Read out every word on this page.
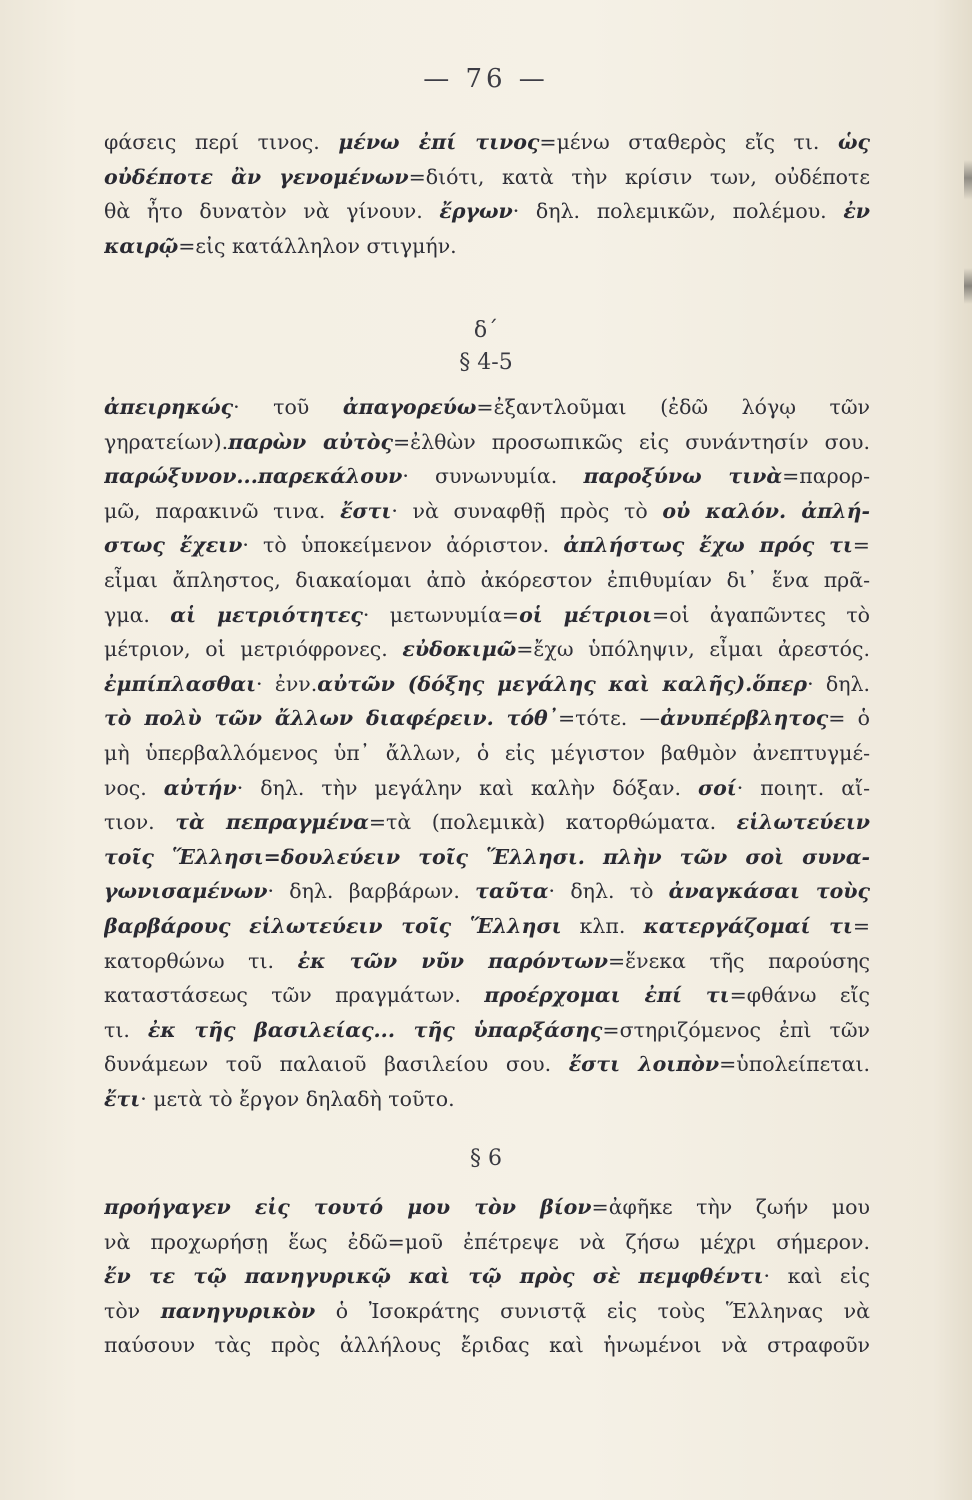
— 76 —
φάσεις περί τινος. μένω ἐπί τινος=μένω σταθερὸς εἴς τι. ὡς
οὐδέποτε ἂν γενομένων=διότι, κατὰ τὴν κρίσιν των, οὐδέποτε
θὰ ἦτο δυνατὸν νὰ γίνουν. ἔργων· δηλ. πολεμικῶν, πολέμου. ἐν
καιρῷ=εἰς κατάλληλον στιγμήν.
δ΄
§ 4-5
ἀπειρηκώς· τοῦ ἀπαγορεύω=ἐξαντλοῦμαι (ἐδῶ λόγῳ τῶν
γηρατείων).παρὼν αὐτὸς=ἐλθὼν προσωπικῶς εἰς συνάντησίν σου.
παρώξυνον...παρεκάλουν· συνωνυμία. παροξύνω τινὰ=παρορ-
μῶ, παρακινῶ τινα. ἔστι· νὰ συναφθῇ πρὸς τὸ οὐ καλόν. ἀπλή-
στως ἔχειν· τὸ ὑποκείμενον ἀόριστον. ἀπλήστως ἔχω πρός τι=
εἶμαι ἄπληστος, διακαίομαι ἀπὸ ἀκόρεστον ἐπιθυμίαν δι᾽ ἕνα πρᾶ-
γμα. αἱ μετριότητες· μετωνυμία=οἱ μέτριοι=οἱ ἀγαπῶντες τὸ
μέτριον, οἱ μετριόφρονες. εὐδοκιμῶ=ἔχω ὑπόληψιν, εἶμαι ἀρεστός.
ἐμπίπλασθαι· ἐνν.αὐτῶν (δόξης μεγάλης καὶ καλῆς).ὅπερ· δηλ.
τὸ πολὺ τῶν ἄλλων διαφέρειν. τόθ᾽=τότε. —ἀνυπέρβλητος= ὁ
μὴ ὑπερβαλλόμενος ὑπ᾽ ἄλλων, ὁ εἰς μέγιστον βαθμὸν ἀνεπτυγμέ-
νος. αὐτήν· δηλ. τὴν μεγάλην καὶ καλὴν δόξαν. σοί· ποιητ. αἴ-
τιον. τὰ πεπραγμένα=τὰ (πολεμικὰ) κατορθώματα. εἱλωτεύειν
τοῖς Ἕλλησι=δουλεύειν τοῖς Ἕλλησι. πλὴν τῶν σοὶ συνα-
γωνισαμένων· δηλ. βαρβάρων. ταῦτα· δηλ. τὸ ἀναγκάσαι τοὺς
βαρβάρους εἱλωτεύειν τοῖς Ἕλλησι κλπ. κατεργάζομαί τι=
κατορθώνω τι. ἐκ τῶν νῦν παρόντων=ἕνεκα τῆς παρούσης
καταστάσεως τῶν πραγμάτων. προέρχομαι ἐπί τι=φθάνω εἴς
τι. ἐκ τῆς βασιλείας... τῆς ὑπαρξάσης=στηριζόμενος ἐπὶ τῶν
δυνάμεων τοῦ παλαιοῦ βασιλείου σου. ἔστι λοιπὸν=ὑπολείπεται.
ἔτι· μετὰ τὸ ἔργον δηλαδὴ τοῦτο.
§ 6
προήγαγεν εἰς τουτό μου τὸν βίον=ἀφῆκε τὴν ζωήν μου
νὰ προχωρήσῃ ἕως ἐδῶ=μοῦ ἐπέτρεψε νὰ ζήσω μέχρι σήμερον.
ἔν τε τῷ πανηγυρικῷ καὶ τῷ πρὸς σὲ πεμφθέντι· καὶ εἰς
τὸν πανηγυρικὸν ὁ Ἰσοκράτης συνιστᾷ εἰς τοὺς Ἕλληνας νὰ
παύσουν τὰς πρὸς ἀλλήλους ἔριδας καὶ ἡνωμένοι νὰ στραφοῦν
